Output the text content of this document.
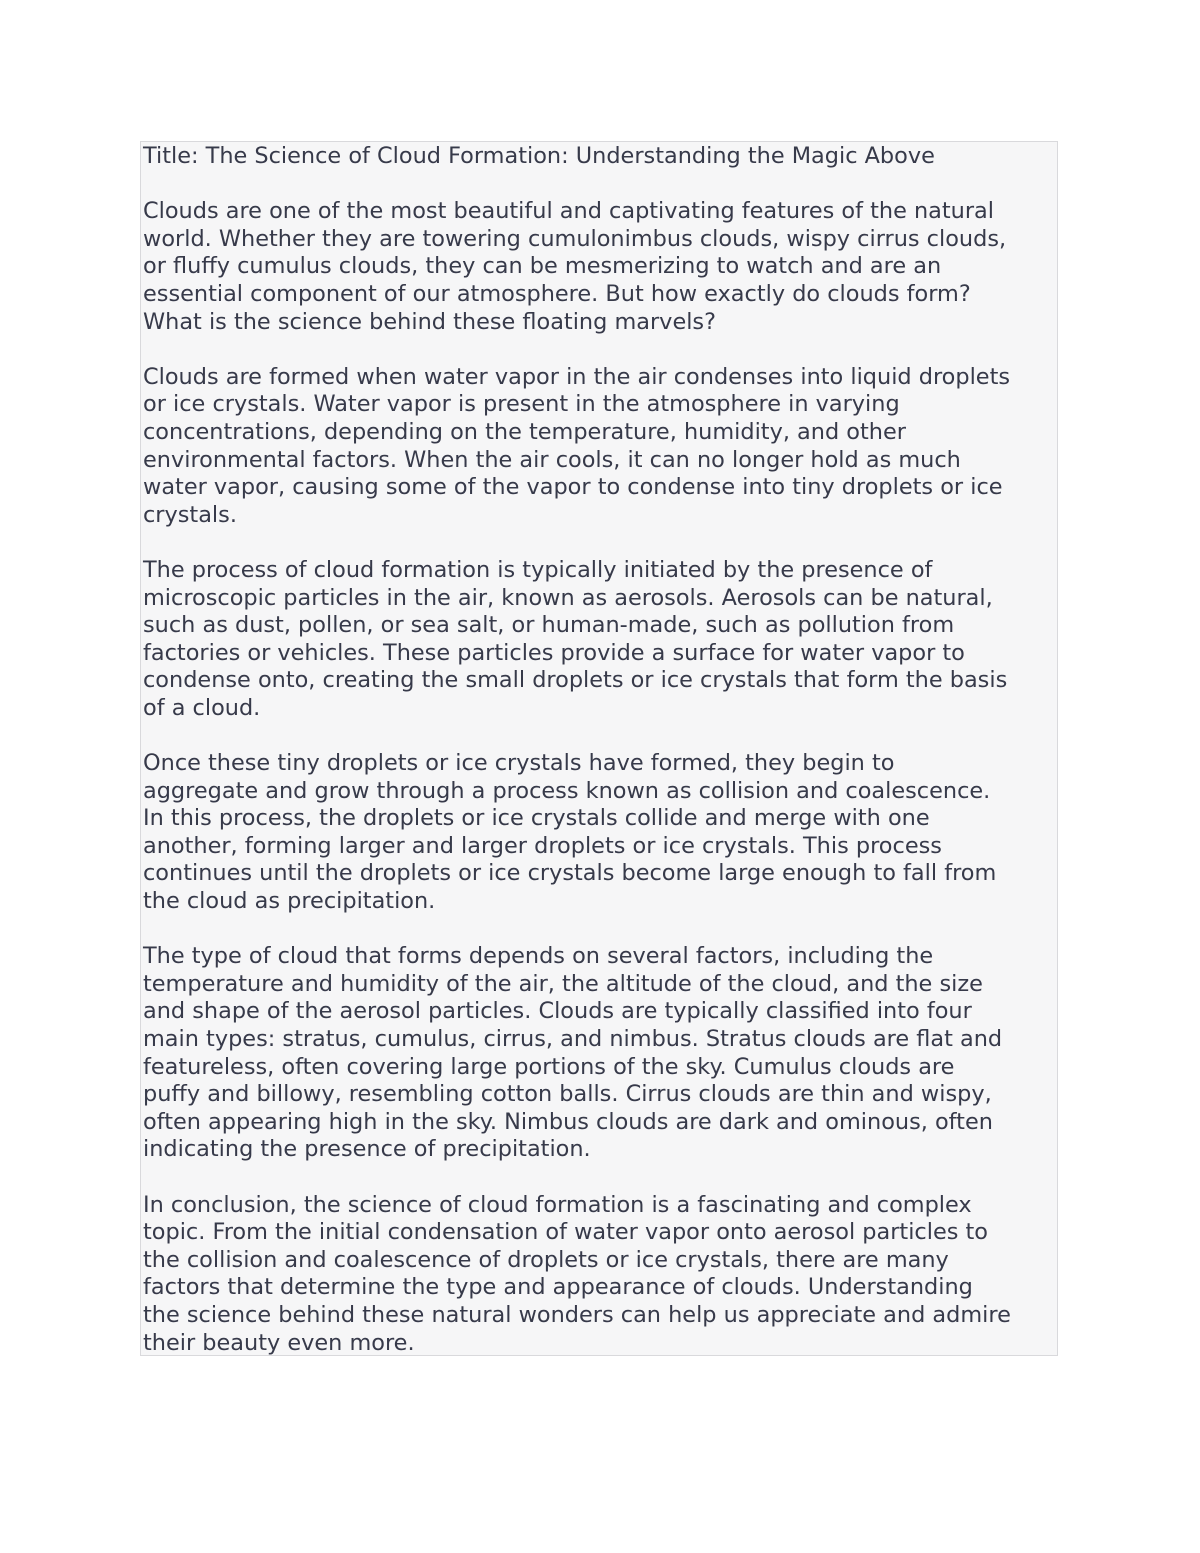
Title: The Science of Cloud Formation: Understanding the Magic Above
Clouds are one of the most beautiful and captivating features of the natural
world. Whether they are towering cumulonimbus clouds, wispy cirrus clouds,
or fluffy cumulus clouds, they can be mesmerizing to watch and are an
essential component of our atmosphere. But how exactly do clouds form?
What is the science behind these floating marvels?
Clouds are formed when water vapor in the air condenses into liquid droplets
or ice crystals. Water vapor is present in the atmosphere in varying
concentrations, depending on the temperature, humidity, and other
environmental factors. When the air cools, it can no longer hold as much
water vapor, causing some of the vapor to condense into tiny droplets or ice
crystals.
The process of cloud formation is typically initiated by the presence of
microscopic particles in the air, known as aerosols. Aerosols can be natural,
such as dust, pollen, or sea salt, or human-made, such as pollution from
factories or vehicles. These particles provide a surface for water vapor to
condense onto, creating the small droplets or ice crystals that form the basis
of a cloud.
Once these tiny droplets or ice crystals have formed, they begin to
aggregate and grow through a process known as collision and coalescence.
In this process, the droplets or ice crystals collide and merge with one
another, forming larger and larger droplets or ice crystals. This process
continues until the droplets or ice crystals become large enough to fall from
the cloud as precipitation.
The type of cloud that forms depends on several factors, including the
temperature and humidity of the air, the altitude of the cloud, and the size
and shape of the aerosol particles. Clouds are typically classified into four
main types: stratus, cumulus, cirrus, and nimbus. Stratus clouds are flat and
featureless, often covering large portions of the sky. Cumulus clouds are
puffy and billowy, resembling cotton balls. Cirrus clouds are thin and wispy,
often appearing high in the sky. Nimbus clouds are dark and ominous, often
indicating the presence of precipitation.
In conclusion, the science of cloud formation is a fascinating and complex
topic. From the initial condensation of water vapor onto aerosol particles to
the collision and coalescence of droplets or ice crystals, there are many
factors that determine the type and appearance of clouds. Understanding
the science behind these natural wonders can help us appreciate and admire
their beauty even more.
